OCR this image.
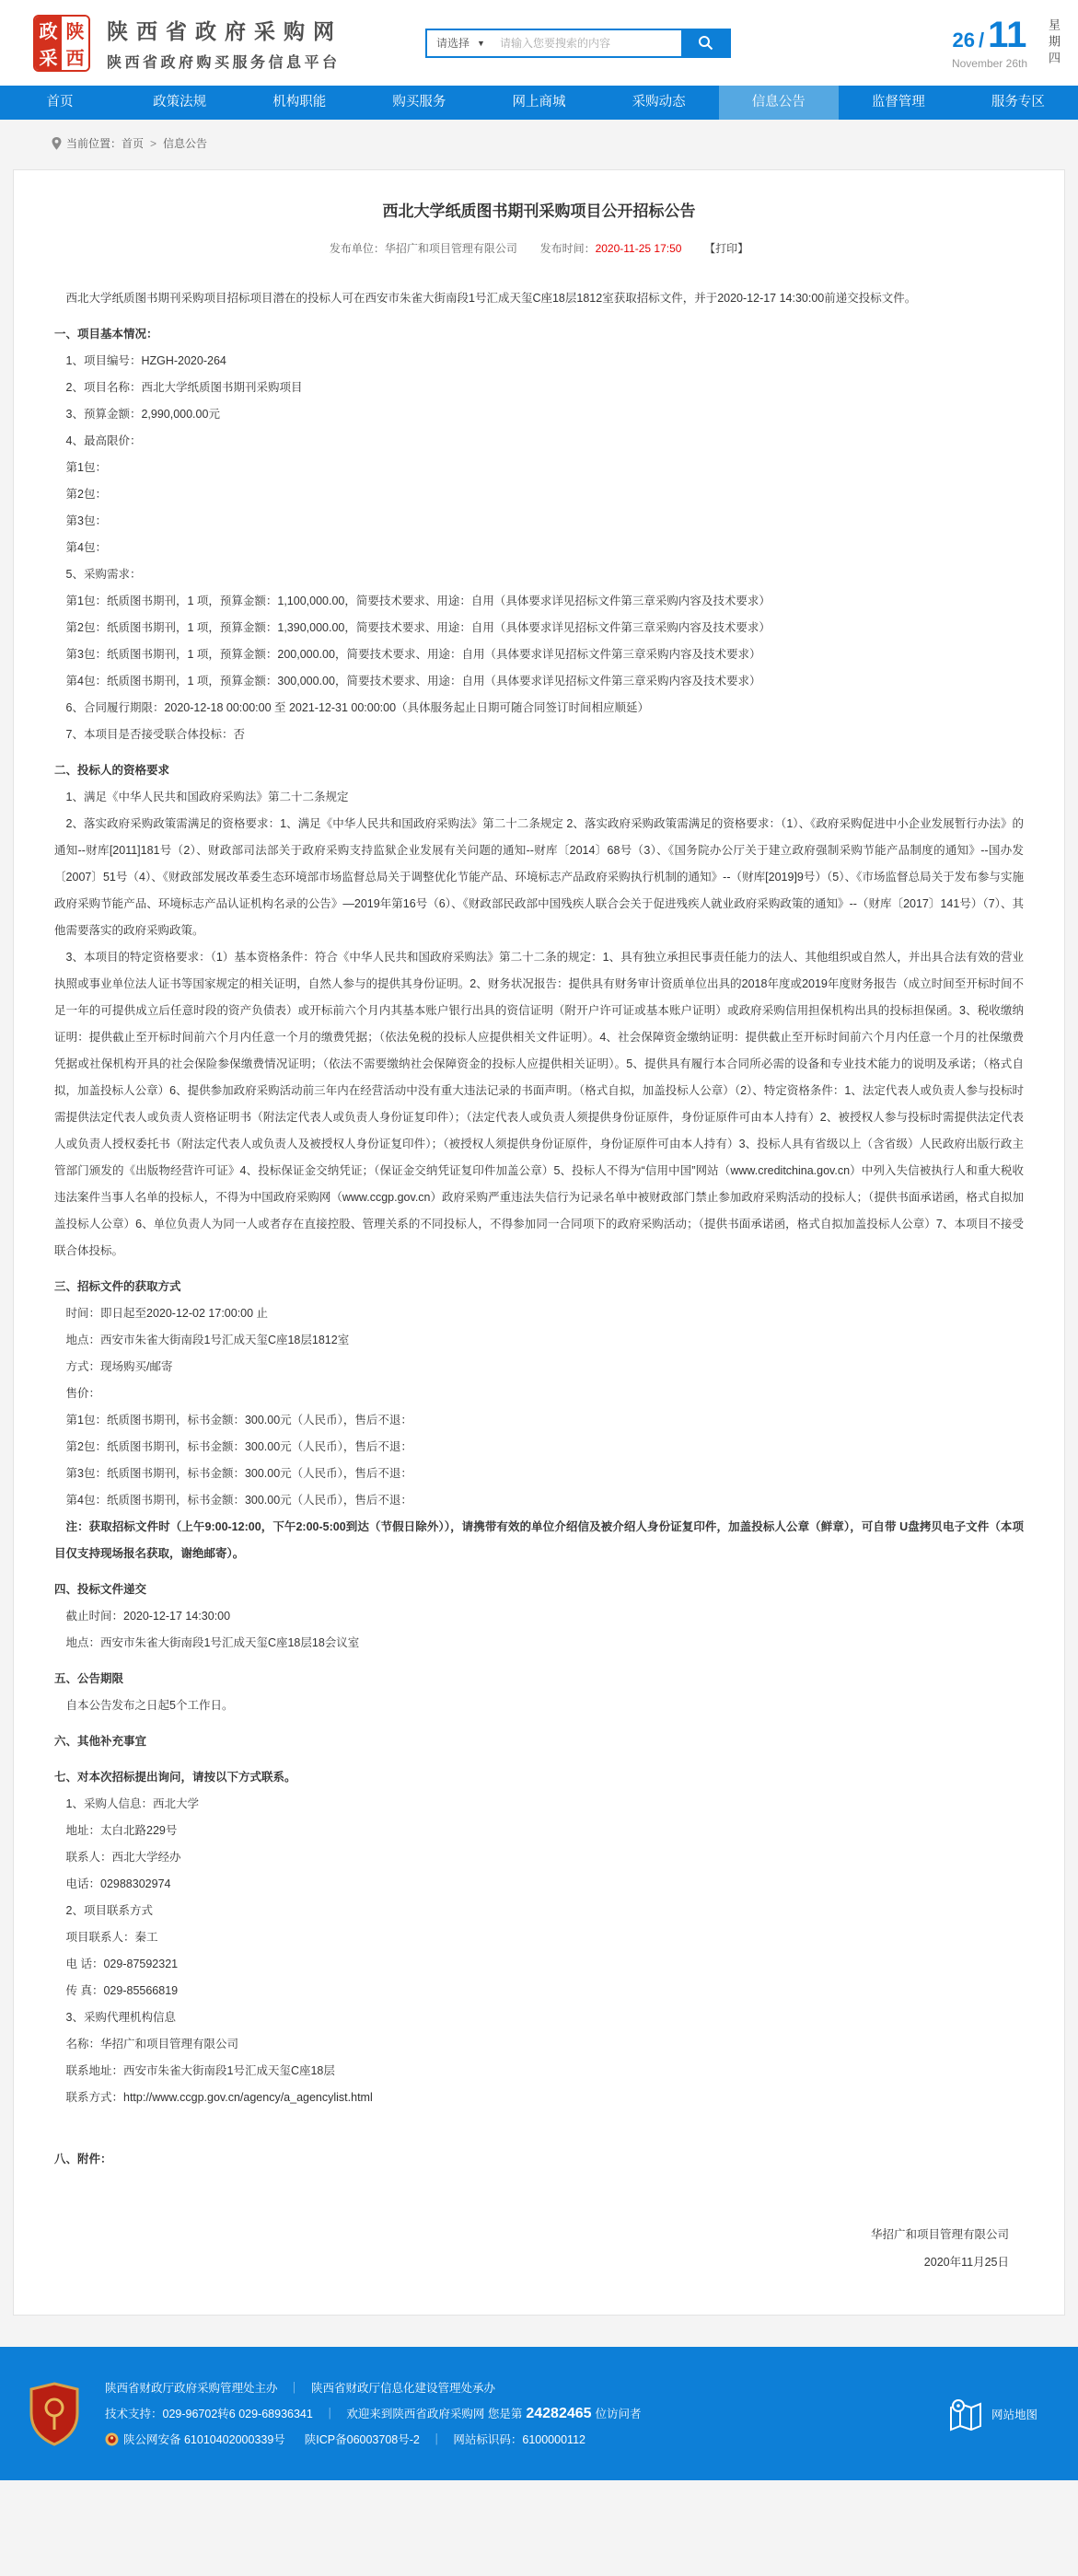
政 陕
采 西
陕西省政府采购网
陕西省政府购买服务信息平台
请选择 ▼
请输入您要搜索的内容	26 / 11
November 26th 星期四
首页	政策法规	机构职能	购买服务	网上商城	采购动态	信息公告	监督管理	服务专区
当前位置： 首页 > 信息公告
西北大学纸质图书期刊采购项目公开招标公告
发布单位：华招广和项目管理有限公司 发布时间：2020-11-25 17:50 【打印】
西北大学纸质图书期刊采购项目招标项目潜在的投标人可在西安市朱雀大街南段1号汇成天玺C座18层1812室获取招标文件，并于2020-12-17 14:30:00前递交投标文件。
一、项目基本情况：
1、项目编号：HZGH-2020-264
2、项目名称：西北大学纸质图书期刊采购项目
3、预算金额：2,990,000.00元
4、最高限价：
第1包：
第2包：
第3包：
第4包：
5、采购需求：
第1包：纸质图书期刊，1 项，预算金额：1,100,000.00，简要技术要求、用途：自用（具体要求详见招标文件第三章采购内容及技术要求）
第2包：纸质图书期刊，1 项，预算金额：1,390,000.00，简要技术要求、用途：自用（具体要求详见招标文件第三章采购内容及技术要求）
第3包：纸质图书期刊，1 项，预算金额：200,000.00，简要技术要求、用途：自用（具体要求详见招标文件第三章采购内容及技术要求）
第4包：纸质图书期刊，1 项，预算金额：300,000.00，简要技术要求、用途：自用（具体要求详见招标文件第三章采购内容及技术要求）
6、合同履行期限：2020-12-18 00:00:00 至 2021-12-31 00:00:00（具体服务起止日期可随合同签订时间相应顺延）
7、本项目是否接受联合体投标：否
二、投标人的资格要求
1、满足《中华人民共和国政府采购法》第二十二条规定
2、落实政府采购政策需满足的资格要求：1、满足《中华人民共和国政府采购法》第二十二条规定 2、落实政府采购政策需满足的资格要求：（1）、《政府采购促进中小企业发展暂行办法》的通知--财库[2011]181号（2）、财政部司法部关于政府采购支持监狱企业发展有关问题的通知--财库〔2014〕68号（3）、《国务院办公厅关于建立政府强制采购节能产品制度的通知》--国办发〔2007〕51号（4）、《财政部发展改革委生态环境部市场监督总局关于调整优化节能产品、环境标志产品政府采购执行机制的通知》--（财库[2019]9号）（5）、《市场监督总局关于发布参与实施政府采购节能产品、环境标志产品认证机构名录的公告》—2019年第16号（6）、《财政部民政部中国残疾人联合会关于促进残疾人就业政府采购政策的通知》--（财库〔2017〕141号）（7）、其他需要落实的政府采购政策。
3、本项目的特定资格要求：（1）基本资格条件：符合《中华人民共和国政府采购法》第二十二条的规定：1、具有独立承担民事责任能力的法人、其他组织或自然人，并出具合法有效的营业执照或事业单位法人证书等国家规定的相关证明，自然人参与的提供其身份证明。2、财务状况报告：提供具有财务审计资质单位出具的2018年度或2019年度财务报告（成立时间至开标时间不足一年的可提供成立后任意时段的资产负债表）或开标前六个月内其基本账户银行出具的资信证明（附开户许可证或基本账户证明）或政府采购信用担保机构出具的投标担保函。3、税收缴纳证明：提供截止至开标时间前六个月内任意一个月的缴费凭据；（依法免税的投标人应提供相关文件证明）。4、社会保障资金缴纳证明：提供截止至开标时间前六个月内任意一个月的社保缴费凭据或社保机构开具的社会保险参保缴费情况证明；（依法不需要缴纳社会保障资金的投标人应提供相关证明）。5、提供具有履行本合同所必需的设备和专业技术能力的说明及承诺；（格式自拟，加盖投标人公章）6、提供参加政府采购活动前三年内在经营活动中没有重大违法记录的书面声明。（格式自拟，加盖投标人公章）（2）、特定资格条件：1、法定代表人或负责人参与投标时需提供法定代表人或负责人资格证明书（附法定代表人或负责人身份证复印件）；（法定代表人或负责人须提供身份证原件，身份证原件可由本人持有）2、被授权人参与投标时需提供法定代表人或负责人授权委托书（附法定代表人或负责人及被授权人身份证复印件）；（被授权人须提供身份证原件，身份证原件可由本人持有）3、投标人具有省级以上（含省级）人民政府出版行政主管部门颁发的《出版物经营许可证》4、投标保证金交纳凭证；（保证金交纳凭证复印件加盖公章）5、投标人不得为“信用中国”网站（www.creditchina.gov.cn）中列入失信被执行人和重大税收违法案件当事人名单的投标人，不得为中国政府采购网（www.ccgp.gov.cn）政府采购严重违法失信行为记录名单中被财政部门禁止参加政府采购活动的投标人；（提供书面承诺函，格式自拟加盖投标人公章）6、单位负责人为同一人或者存在直接控股、管理关系的不同投标人，不得参加同一合同项下的政府采购活动；（提供书面承诺函，格式自拟加盖投标人公章）7、本项目不接受联合体投标。
三、招标文件的获取方式
时间：即日起至2020-12-02 17:00:00 止
地点：西安市朱雀大街南段1号汇成天玺C座18层1812室
方式：现场购买/邮寄
售价：
第1包：纸质图书期刊，标书金额：300.00元（人民币），售后不退：
第2包：纸质图书期刊，标书金额：300.00元（人民币），售后不退：
第3包：纸质图书期刊，标书金额：300.00元（人民币），售后不退：
第4包：纸质图书期刊，标书金额：300.00元（人民币），售后不退：
注：获取招标文件时（上午9:00-12:00，下午2:00-5:00到达（节假日除外）），请携带有效的单位介绍信及被介绍人身份证复印件，加盖投标人公章（鲜章），可自带 U盘拷贝电子文件（本项目仅支持现场报名获取，谢绝邮寄）。
四、投标文件递交
截止时间：2020-12-17 14:30:00
地点：西安市朱雀大街南段1号汇成天玺C座18层18会议室
五、公告期限
自本公告发布之日起5个工作日。
六、其他补充事宜
七、对本次招标提出询问，请按以下方式联系。
1、采购人信息：西北大学
地址：太白北路229号
联系人：西北大学经办
电话：02988302974
2、项目联系方式
项目联系人：秦工
电 话：029-87592321
传 真：029-85566819
3、采购代理机构信息
名称：华招广和项目管理有限公司
联系地址：西安市朱雀大街南段1号汇成天玺C座18层
联系方式：http://www.ccgp.gov.cn/agency/a_agencylist.html
八、附件：
华招广和项目管理有限公司
2020年11月25日
陕西省财政厅政府采购管理处主办 ｜ 陕西省财政厅信息化建设管理处承办
技术支持：029-96702转6 029-68936341 ｜ 欢迎来到陕西省政府采购网 您是第 24282465 位访问者
陕公网安备 61010402000339号 陕ICP备06003708号-2 ｜ 网站标识码：6100000112
网站地图
